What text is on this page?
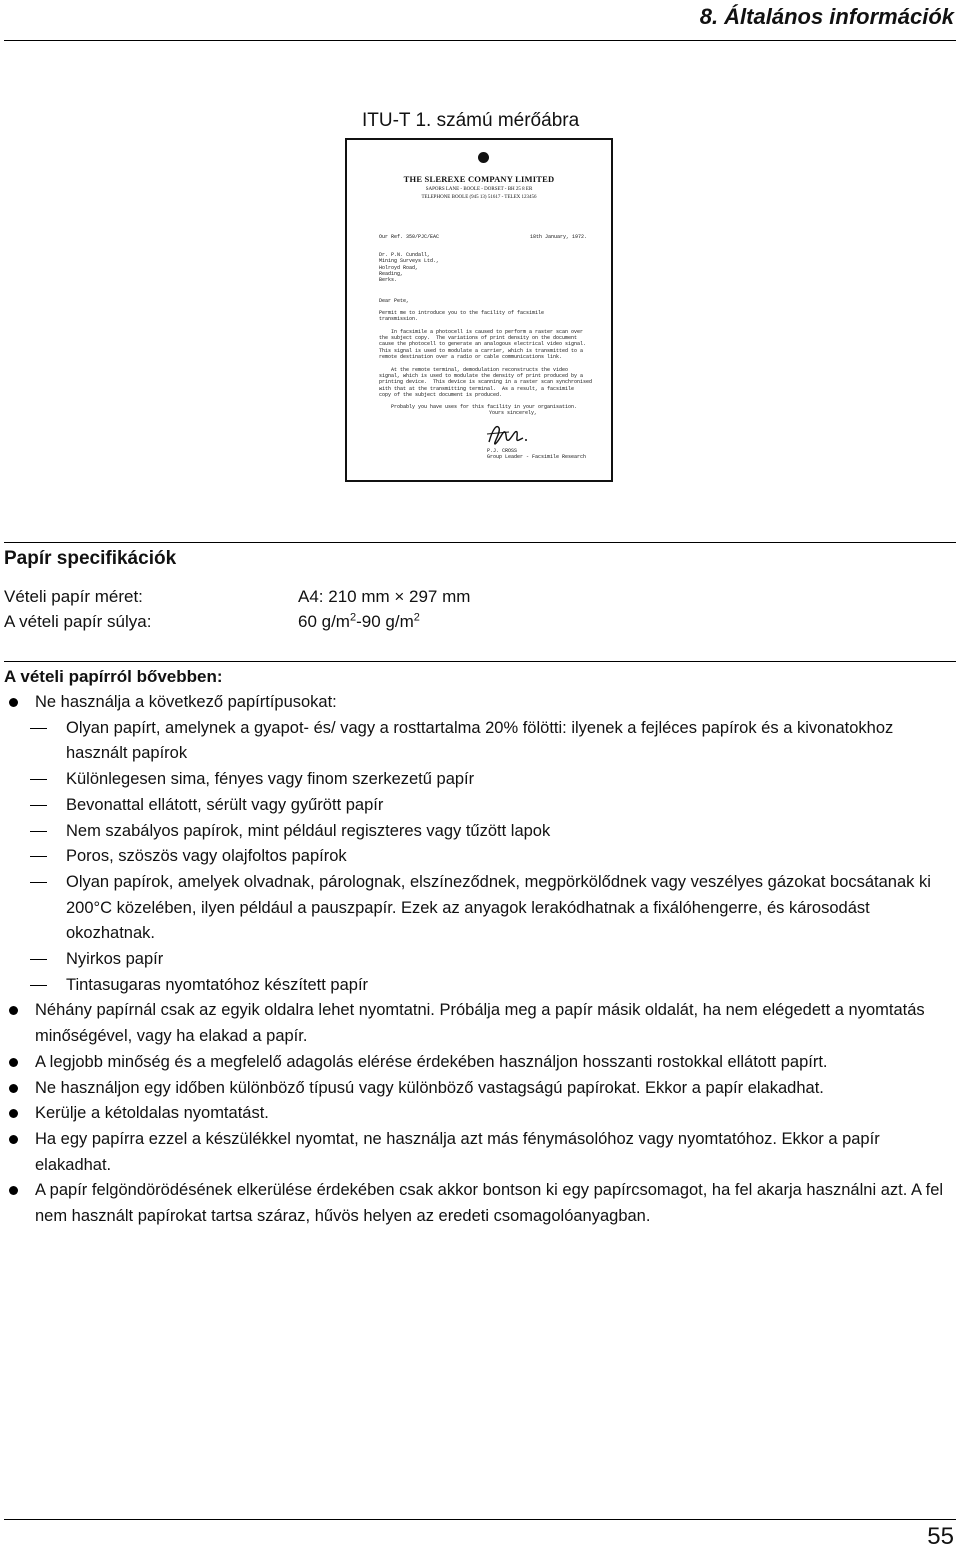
8. Általános információk
ITU-T 1. számú mérőábra
THE SLEREXE COMPANY LIMITED
SAPORS LANE - BOOLE - DORSET - BH 25 8 ER
TELEPHONE BOOLE (945 13) 51617 - TELEX 123456
Our Ref. 350/PJC/EAC	18th January, 1972.
Dr. P.N. Cundall,
Mining Surveys Ltd.,
Holroyd Road,
Reading,
Berks.
Dear Pete,
Permit me to introduce you to the facility of facsimile
transmission.

In facsimile a photocell is caused to perform a raster scan over
the subject copy.  The variations of print density on the document
cause the photocell to generate an analogous electrical video signal.
This signal is used to modulate a carrier, which is transmitted to a
remote destination over a radio or cable communications link.

At the remote terminal, demodulation reconstructs the video
signal, which is used to modulate the density of print produced by a
printing device.  This device is scanning in a raster scan synchronised
with that at the transmitting terminal.  As a result, a facsimile
copy of the subject document is produced.

Probably you have uses for this facility in your organisation.
Yours sincerely,
P.J. CROSS
Group Leader - Facsimile Research
Papír specifikációk
Vételi papír méret:	A4: 210 mm × 297 mm
A vételi papír súlya:	60 $g/m^2-90$ $g/m^2$
A vételi papírról bővebben:
Ne használja a következő papírtípusokat:
Olyan papírt, amelynek a gyapot- és/ vagy a rosttartalma 20% fölötti: ilyenek a fejléces papírok és a kivonatokhoz használt papírok
Különlegesen sima, fényes vagy finom szerkezetű papír
Bevonattal ellátott, sérült vagy gyűrött papír
Nem szabályos papírok, mint például regiszteres vagy tűzött lapok
Poros, szöszös vagy olajfoltos papírok
Olyan papírok, amelyek olvadnak, párolognak, elszíneződnek, megpörkölődnek vagy veszélyes gázokat bocsátanak ki 200°C közelében, ilyen például a pauszpapír. Ezek az anyagok lerakódhatnak a fixálóhengerre, és károsodást okozhatnak.
Nyirkos papír
Tintasugaras nyomtatóhoz készített papír
Néhány papírnál csak az egyik oldalra lehet nyomtatni. Próbálja meg a papír másik oldalát, ha nem elégedett a nyomtatás minőségével, vagy ha elakad a papír.
A legjobb minőség és a megfelelő adagolás elérése érdekében használjon hosszanti rostokkal ellátott papírt.
Ne használjon egy időben különböző típusú vagy különböző vastagságú papírokat. Ekkor a papír elakadhat.
Kerülje a kétoldalas nyomtatást.
Ha egy papírra ezzel a készülékkel nyomtat, ne használja azt más fénymásolóhoz vagy nyomtatóhoz. Ekkor a papír elakadhat.
A papír felgöndörödésének elkerülése érdekében csak akkor bontson ki egy papírcsomagot, ha fel akarja használni azt. A fel nem használt papírokat tartsa száraz, hűvös helyen az eredeti csomagolóanyagban.
55
